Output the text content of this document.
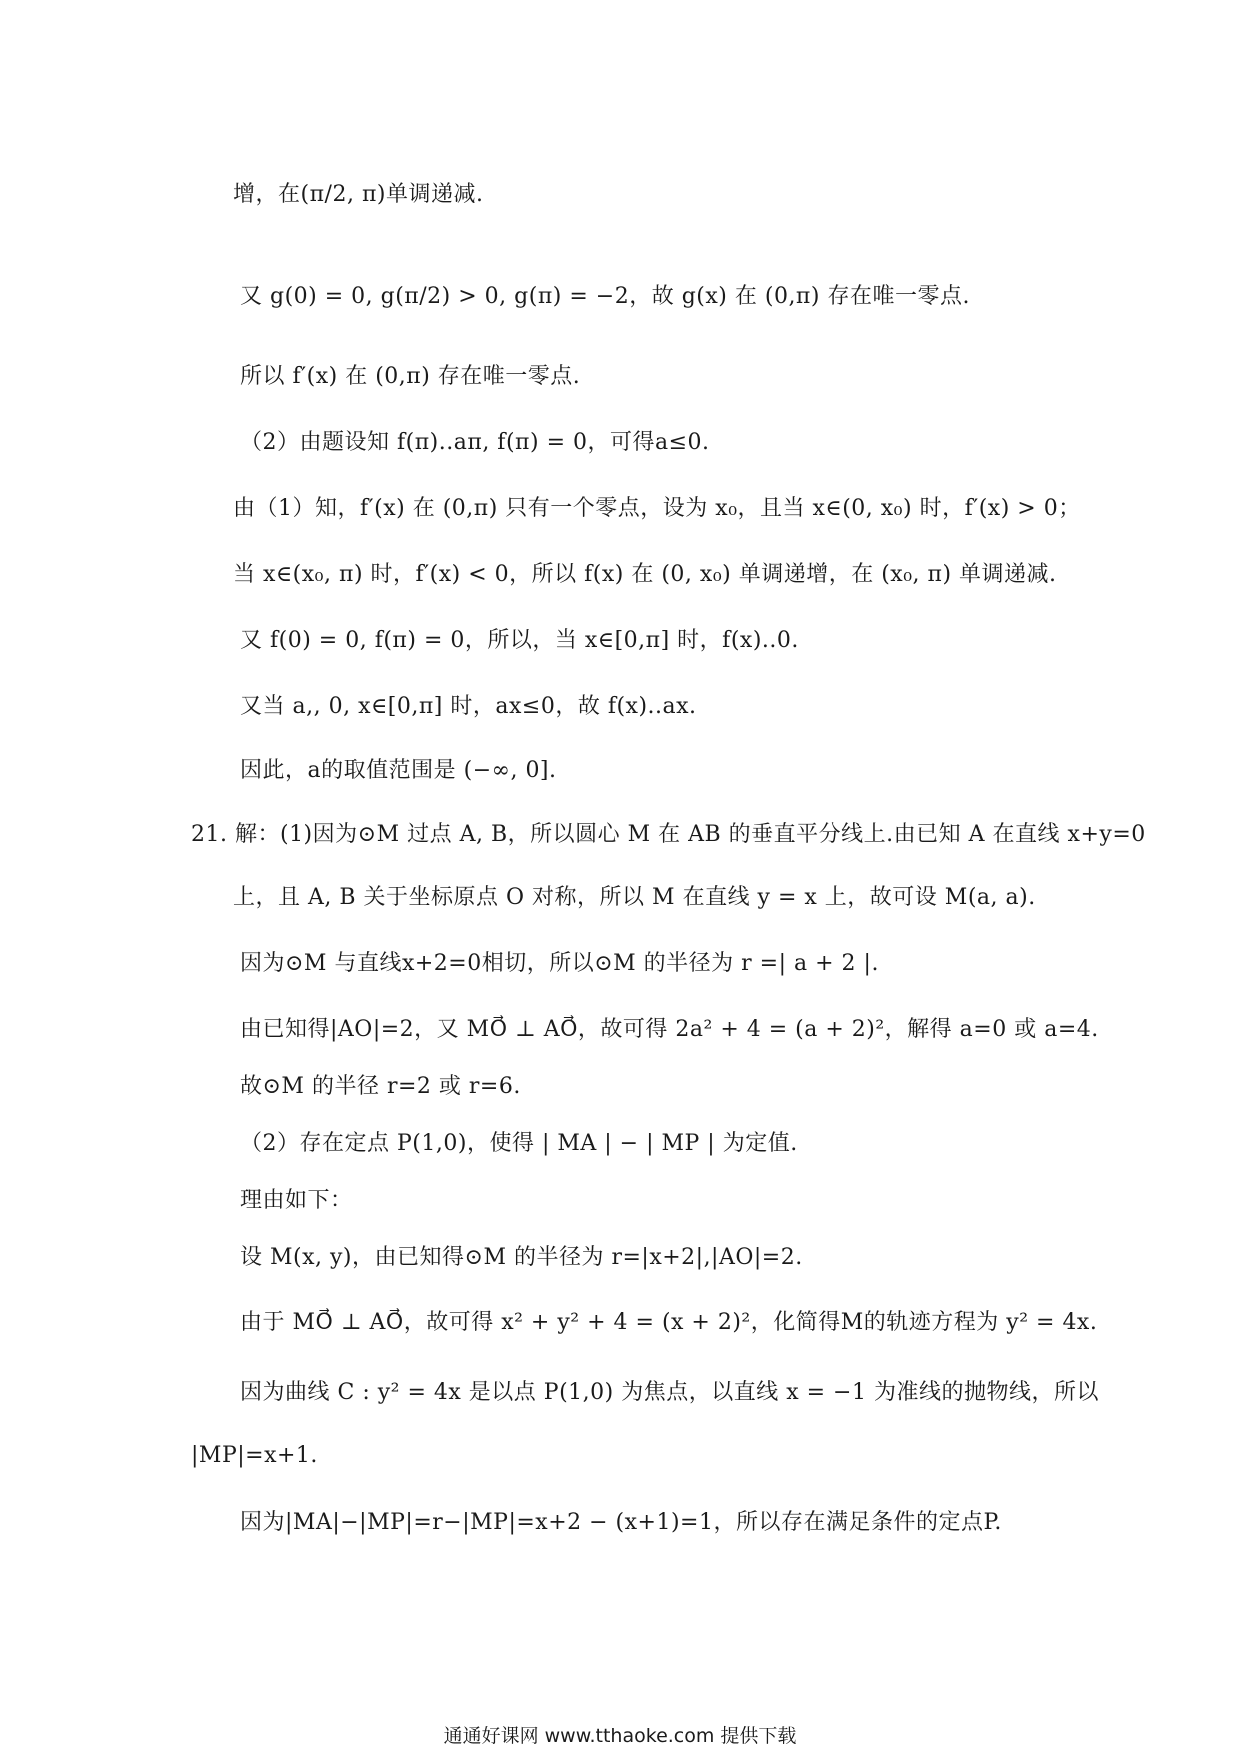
增，在(π/2, π)单调递减.
又 g(0) = 0, g(π/2) > 0, g(π) = −2，故 g(x) 在 (0,π) 存在唯一零点.
所以 f′(x) 在 (0,π) 存在唯一零点.
（2）由题设知 f(π)..aπ, f(π) = 0，可得a≤0.
由（1）知，f′(x) 在 (0,π) 只有一个零点，设为 x₀，且当 x∈(0, x₀) 时，f′(x) > 0；
当 x∈(x₀, π) 时，f′(x) < 0，所以 f(x) 在 (0, x₀) 单调递增，在 (x₀, π) 单调递减.
又 f(0) = 0, f(π) = 0，所以，当 x∈[0,π] 时，f(x)..0.
又当 a,, 0, x∈[0,π] 时，ax≤0，故 f(x)..ax.
因此，a的取值范围是 (−∞, 0].
21. 解：(1)因为⊙M 过点 A, B，所以圆心 M 在 AB 的垂直平分线上.由已知 A 在直线 x+y=0
上，且 A, B 关于坐标原点 O 对称，所以 M 在直线 y = x 上，故可设 M(a, a).
因为⊙M 与直线x+2=0相切，所以⊙M 的半径为 r =| a + 2 |.
由已知得|AO|=2，又 MO⃗ ⊥ AO⃗，故可得 2a² + 4 = (a + 2)²，解得 a=0 或 a=4.
故⊙M 的半径 r=2 或 r=6.
（2）存在定点 P(1,0)，使得 | MA | − | MP | 为定值.
理由如下：
设 M(x, y)，由已知得⊙M 的半径为 r=|x+2|,|AO|=2.
由于 MO⃗ ⊥ AO⃗，故可得 x² + y² + 4 = (x + 2)²，化简得M的轨迹方程为 y² = 4x.
因为曲线 C : y² = 4x 是以点 P(1,0) 为焦点，以直线 x = −1 为准线的抛物线，所以
|MP|=x+1.
因为|MA|−|MP|=r−|MP|=x+2 − (x+1)=1，所以存在满足条件的定点P.
通通好课网 www.tthaoke.com 提供下载
